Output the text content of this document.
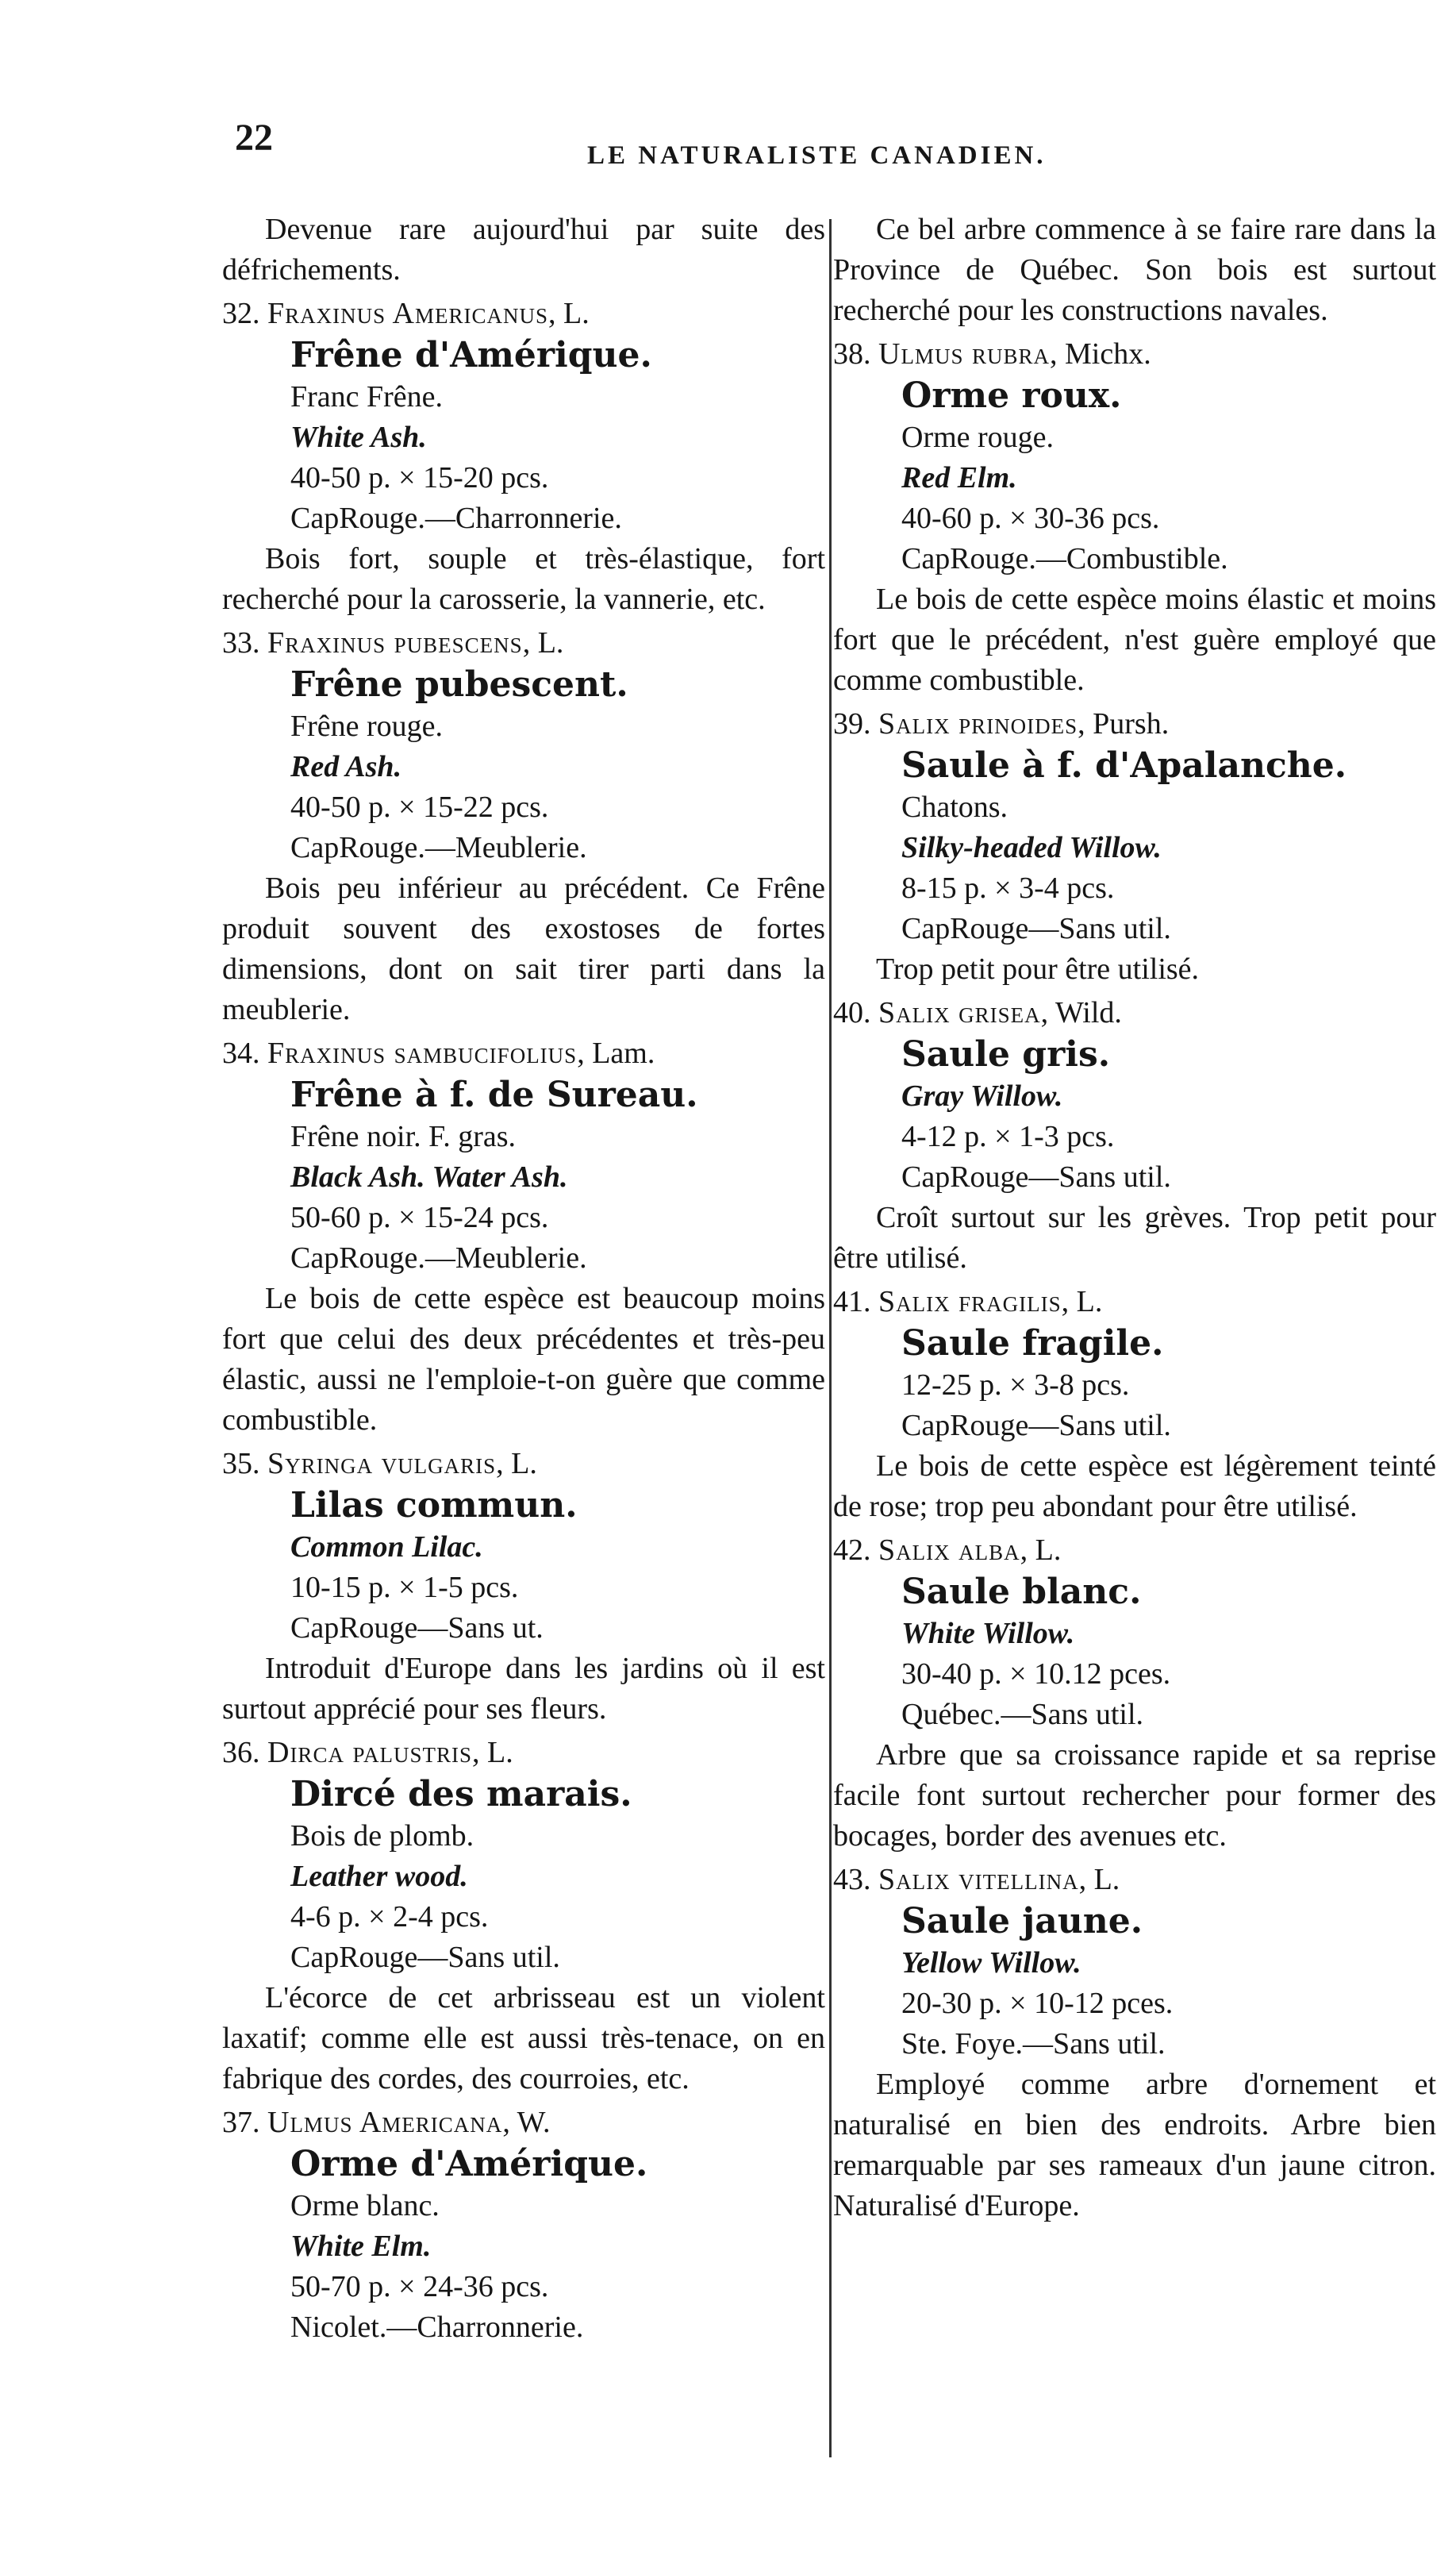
22	LE NATURALISTE CANADIEN.

Devenue rare aujourd'hui par suite des défrichements.

32. Fraxinus Americanus, L.

Frêne d'Amérique.

Franc Frêne.

White Ash.

40-50 p. × 15-20 pcs.

CapRouge.—Charronnerie.

Bois fort, souple et très-élastique, fort recherché pour la carosserie, la vannerie, etc.

33. Fraxinus pubescens, L.

Frêne pubescent.

Frêne rouge.

Red Ash.

40-50 p. × 15-22 pcs.

CapRouge.—Meublerie.

Bois peu inférieur au précédent. Ce Frêne produit souvent des exostoses de fortes dimensions, dont on sait tirer parti dans la meublerie.

34. Fraxinus sambucifolius, Lam.

Frêne à f. de Sureau.

Frêne noir. F. gras.

Black Ash. Water Ash.

50-60 p. × 15-24 pcs.

CapRouge.—Meublerie.

Le bois de cette espèce est beaucoup moins fort que celui des deux précédentes et très-peu élastic, aussi ne l'emploie-t-on guère que comme combustible.

35. Syringa vulgaris, L.

Lilas commun.

Common Lilac.

10-15 p. × 1-5 pcs.

CapRouge—Sans ut.

Introduit d'Europe dans les jardins où il est surtout apprécié pour ses fleurs.

36. Dirca palustris, L.

Dircé des marais.

Bois de plomb.

Leather wood.

4-6 p. × 2-4 pcs.

CapRouge—Sans util.

L'écorce de cet arbrisseau est un violent laxatif; comme elle est aussi très-tenace, on en fabrique des cordes, des courroies, etc.

37. Ulmus Americana, W.

Orme d'Amérique.

Orme blanc.

White Elm.

50-70 p. × 24-36 pcs.

Nicolet.—Charronnerie.

Ce bel arbre commence à se faire rare dans la Province de Québec. Son bois est surtout recherché pour les constructions navales.

38. Ulmus rubra, Michx.

Orme roux.

Orme rouge.

Red Elm.

40-60 p. × 30-36 pcs.

CapRouge.—Combustible.

Le bois de cette espèce moins élastic et moins fort que le précédent, n'est guère employé que comme combustible.

39. Salix prinoides, Pursh.

Saule à f. d'Apalanche.

Chatons.

Silky-headed Willow.

8-15 p. × 3-4 pcs.

CapRouge—Sans util.

Trop petit pour être utilisé.

40. Salix grisea, Wild.

Saule gris.

Gray Willow.

4-12 p. × 1-3 pcs.

CapRouge—Sans util.

Croît surtout sur les grèves. Trop petit pour être utilisé.

41. Salix fragilis, L.

Saule fragile.

12-25 p. × 3-8 pcs.

CapRouge—Sans util.

Le bois de cette espèce est légèrement teinté de rose; trop peu abondant pour être utilisé.

42. Salix alba, L.

Saule blanc.

White Willow.

30-40 p. × 10.12 pces.

Québec.—Sans util.

Arbre que sa croissance rapide et sa reprise facile font surtout rechercher pour former des bocages, border des avenues etc.

43. Salix vitellina, L.

Saule jaune.

Yellow Willow.

20-30 p. × 10-12 pces.

Ste. Foye.—Sans util.

Employé comme arbre d'ornement et naturalisé en bien des endroits. Arbre bien remarquable par ses rameaux d'un jaune citron. Naturalisé d'Europe.
